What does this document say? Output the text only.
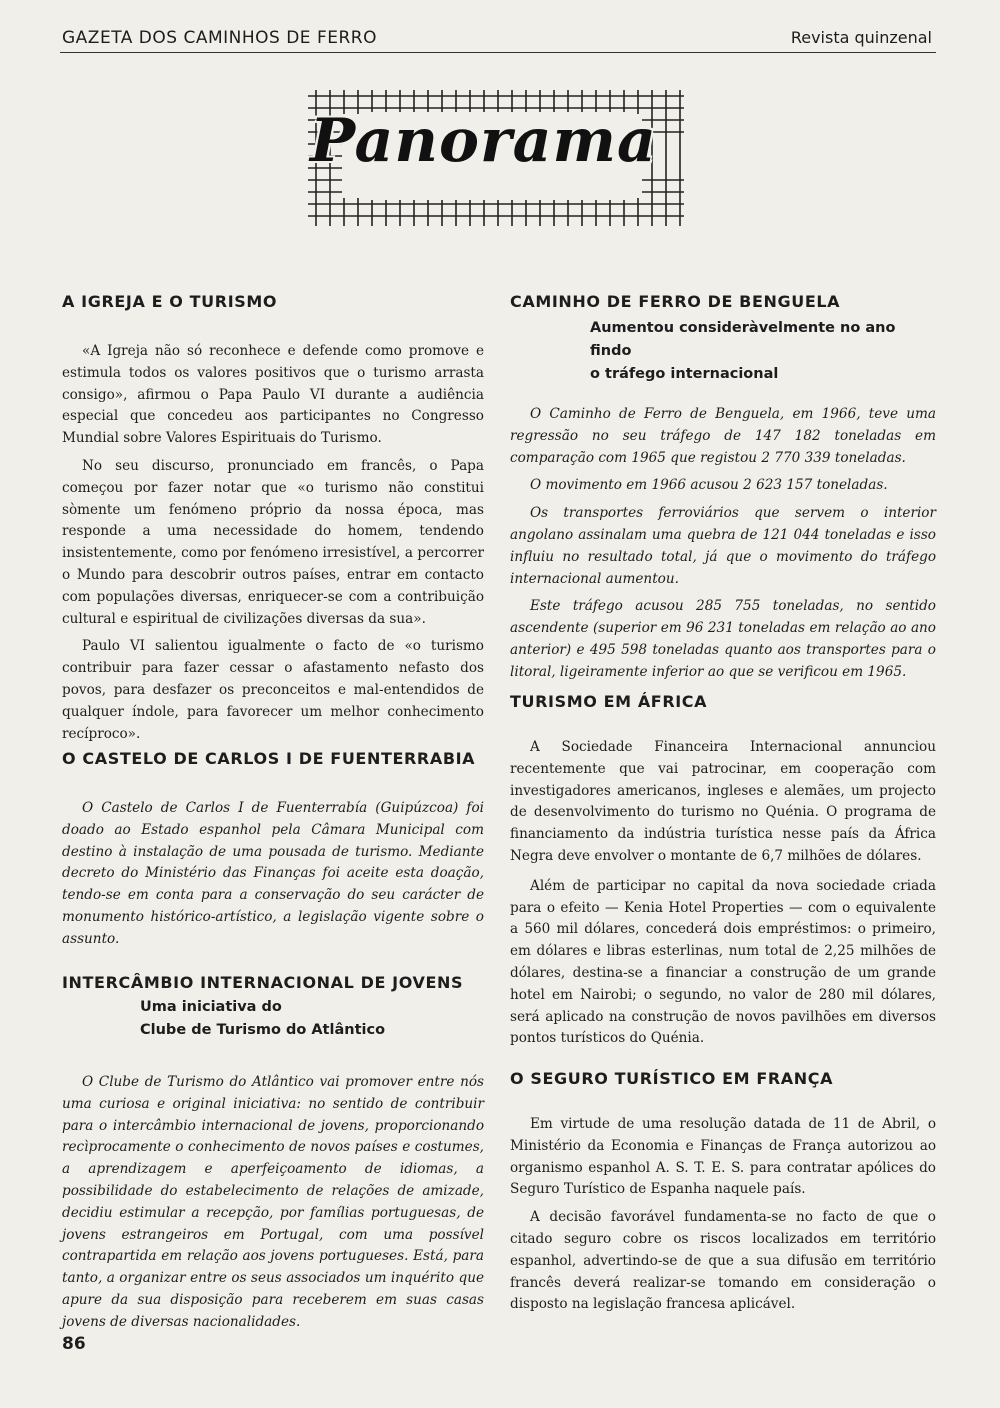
GAZETA DOS CAMINHOS DE FERRO	Revista quinzenal
Panorama
A IGREJA E O TURISMO

«A Igreja não só reconhece e defende como promove e estimula todos os valores positivos que o turismo arrasta consigo», afirmou o Papa Paulo VI durante a audiência especial que concedeu aos participantes no Congresso Mundial sobre Valores Espirituais do Turismo.

No seu discurso, pronunciado em francês, o Papa começou por fazer notar que «o turismo não constitui sòmente um fenómeno próprio da nossa época, mas responde a uma necessidade do homem, tendendo insistentemente, como por fenómeno irresistível, a percorrer o Mundo para descobrir outros países, entrar em contacto com populações diversas, enriquecer-se com a contribuição cultural e espiritual de civilizações diversas da sua».

Paulo VI salientou igualmente o facto de «o turismo contribuir para fazer cessar o afastamento nefasto dos povos, para desfazer os preconceitos e mal-entendidos de qualquer índole, para favorecer um melhor conhecimento recíproco».

O CASTELO DE CARLOS I DE FUENTERRABIA

O Castelo de Carlos I de Fuenterrabía (Guipúzcoa) foi doado ao Estado espanhol pela Câmara Municipal com destino à instalação de uma pousada de turismo. Mediante decreto do Ministério das Finanças foi aceite esta doação, tendo-se em conta para a conservação do seu carácter de monumento histórico-artístico, a legislação vigente sobre o assunto.

INTERCÂMBIO INTERNACIONAL DE JOVENS
Uma iniciativa do
Clube de Turismo do Atlântico

O Clube de Turismo do Atlântico vai promover entre nós uma curiosa e original iniciativa: no sentido de contribuir para o intercâmbio internacional de jovens, proporcionando recìprocamente o conhecimento de novos países e costumes, a aprendizagem e aperfeiçoamento de idiomas, a possibilidade do estabelecimento de relações de amizade, decidiu estimular a recepção, por famílias portuguesas, de jovens estrangeiros em Portugal, com uma possível contrapartida em relação aos jovens portugueses. Está, para tanto, a organizar entre os seus associados um inquérito que apure da sua disposição para receberem em suas casas jovens de diversas nacionalidades.

CAMINHO DE FERRO DE BENGUELA
Aumentou consideràvelmente no ano findo
o tráfego internacional

O Caminho de Ferro de Benguela, em 1966, teve uma regressão no seu tráfego de 147 182 toneladas em comparação com 1965 que registou 2 770 339 toneladas.

O movimento em 1966 acusou 2 623 157 toneladas.

Os transportes ferroviários que servem o interior angolano assinalam uma quebra de 121 044 toneladas e isso influiu no resultado total, já que o movimento do tráfego internacional aumentou.

Este tráfego acusou 285 755 toneladas, no sentido ascendente (superior em 96 231 toneladas em relação ao ano anterior) e 495 598 toneladas quanto aos transportes para o litoral, ligeiramente inferior ao que se verificou em 1965.

TURISMO EM ÁFRICA

A Sociedade Financeira Internacional annunciou recentemente que vai patrocinar, em cooperação com investigadores americanos, ingleses e alemães, um projecto de desenvolvimento do turismo no Quénia. O programa de financiamento da indústria turística nesse país da África Negra deve envolver o montante de 6,7 milhões de dólares.

Além de participar no capital da nova sociedade criada para o efeito — Kenia Hotel Properties — com o equivalente a 560 mil dólares, concederá dois empréstimos: o primeiro, em dólares e libras esterlinas, num total de 2,25 milhões de dólares, destina-se a financiar a construção de um grande hotel em Nairobi; o segundo, no valor de 280 mil dólares, será aplicado na construção de novos pavilhões em diversos pontos turísticos do Quénia.

O SEGURO TURÍSTICO EM FRANÇA

Em virtude de uma resolução datada de 11 de Abril, o Ministério da Economia e Finanças de França autorizou ao organismo espanhol A. S. T. E. S. para contratar apólices do Seguro Turístico de Espanha naquele país.

A decisão favorável fundamenta-se no facto de que o citado seguro cobre os riscos localizados em território espanhol, advertindo-se de que a sua difusão em território francês deverá realizar-se tomando em consideração o disposto na legislação francesa aplicável.

86
